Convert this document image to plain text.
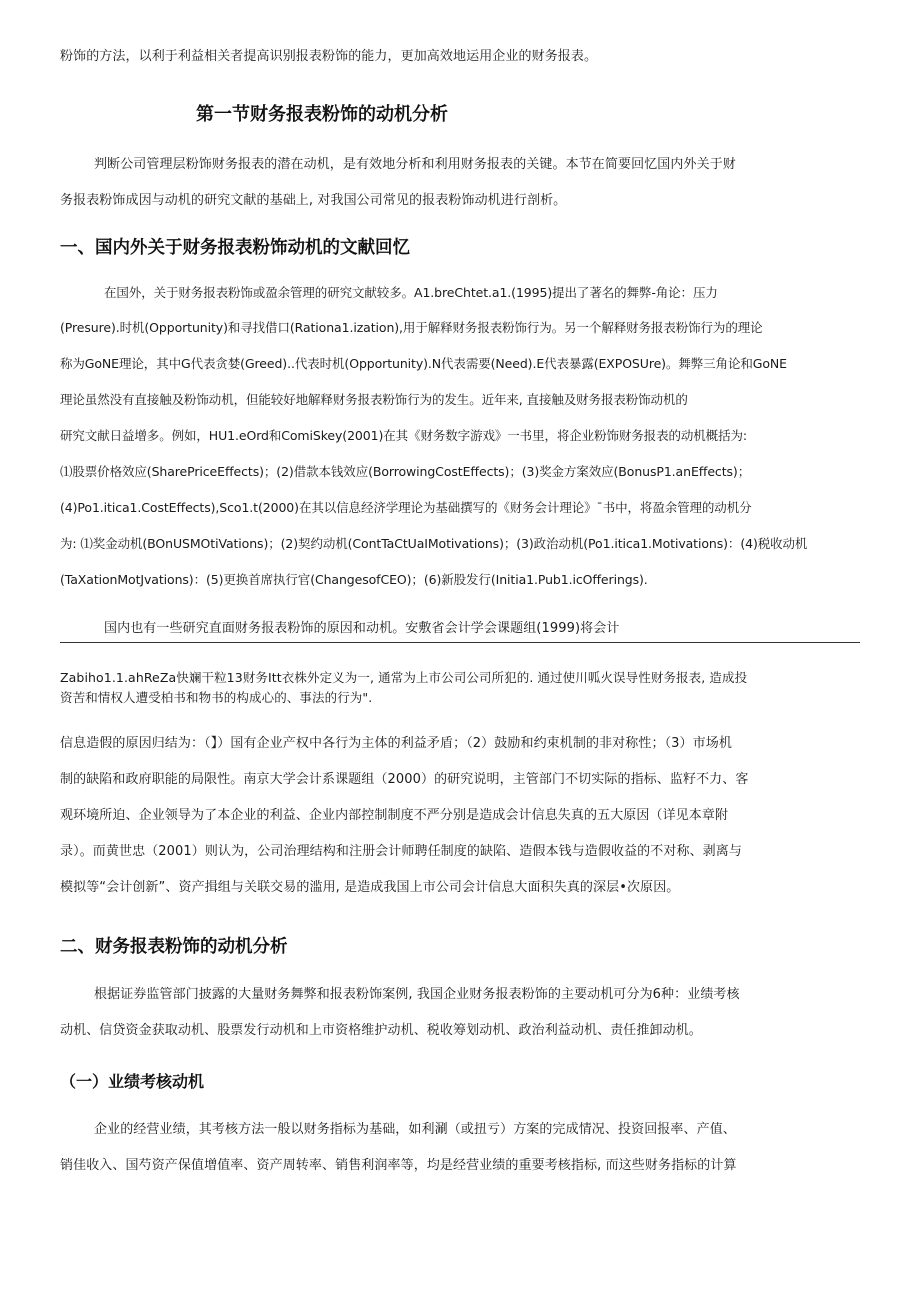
粉饰的方法，以利于利益相关者提高识别报表粉饰的能力，更加高效地运用企业的财务报表。
第一节财务报表粉饰的动机分析
判断公司管理层粉饰财务报表的潜在动机，是有效地分析和利用财务报表的关键。本节在简要回忆国内外关于财
务报表粉饰成因与动机的研究文献的基础上, 对我国公司常见的报表粉饰动机进行剖析。
一、国内外关于财务报表粉饰动机的文献回忆
在国外，关于财务报表粉饰或盈余管理的研究文献较多。A1.breChtet.a1.(1995)提出了著名的舞弊-角论：压力
(Presure).时机(Opportunity)和寻找借口(Rationa1.ization),用于解释财务报表粉饰行为。另一个解释财务报表粉饰行为的理论
称为GoNE理论，其中G代表贪婪(Greed)..代表时机(Opportunity).N代表需要(Need).E代表暴露(EXPOSUre)。舞弊三角论和GoNE
理论虽然没有直接触及粉饰动机，但能较好地解释财务报表粉饰行为的发生。近年来, 直接触及财务报表粉饰动机的
研究文献日益增多。例如，HU1.eOrd和ComiSkey(2001)在其《财务数字游戏》一书里，将企业粉饰财务报表的动机概括为:
⑴股票价格效应(SharePriceEffects)；(2)借款本钱效应(BorrowingCostEffects)；(3)奖金方案效应(BonusP1.anEffects)；
(4)Po1.itica1.CostEffects),Sco1.t(2000)在其以信息经济学理论为基础撰写的《财务会计理论》¯书中，将盈余管理的动机分
为: ⑴奖金动机(BOnUSMOtiVations)；(2)契约动机(ContTaCtUaIMotivations)；(3)政治动机(Po1.itica1.Motivations)：(4)税收动机
(TaXationMotJvations)：(5)更换首席执行官(ChangesofCEO)；(6)新股发行(Initia1.Pub1.icOfferings).
国内也有一些研究直面财务报表粉饰的原因和动机。安敷省会计学会课题组(1999)将会计
Zabiho1.1.ahReZa快斓干粒13财务Itt衣株外定义为一, 通常为上市公司公司所犯的. 通过使川呱火误导性财务报表, 造成投
资苦和情权人遭受柏书和物书的构成心的、事法的行为".
信息造假的原因归结为：（】）国有企业产权中各行为主体的利益矛盾；（2）鼓励和约束机制的非对称性；（3）市场机
制的缺陷和政府职能的局限性。南京大学会计系课题组（2000）的研究说明，主管部门不切实际的指标、监籽不力、客
观环境所迫、企业领导为了本企业的利益、企业内部控制制度不严分别是造成会计信息失真的五大原因（详见本章附
录）。而黄世忠（2001）则认为，公司治理结构和注册会计师聘任制度的缺陷、造假本钱与造假收益的不对称、剥离与
模拟等“会计创新”、资产揖组与关联交易的滥用, 是造成我国上市公司会计信息大面积失真的深层•次原因。
二、财务报表粉饰的动机分析
根据证券监管部门披露的大量财务舞弊和报表粉饰案例, 我国企业财务报表粉饰的主要动机可分为6种：业绩考核
动机、信贷资金获取动机、股票发行动机和上市资格维护动机、税收筹划动机、政治利益动机、责任推卸动机。
（一）业绩考核动机
企业的经营业绩，其考核方法一般以财务指标为基础，如利涮（或扭亏）方案的完成情况、投资回报率、产值、
销佳收入、国芍资产保值增值率、资产周转率、销售利润率等，均是经营业绩的重要考核指标, 而这些财务指标的计算
